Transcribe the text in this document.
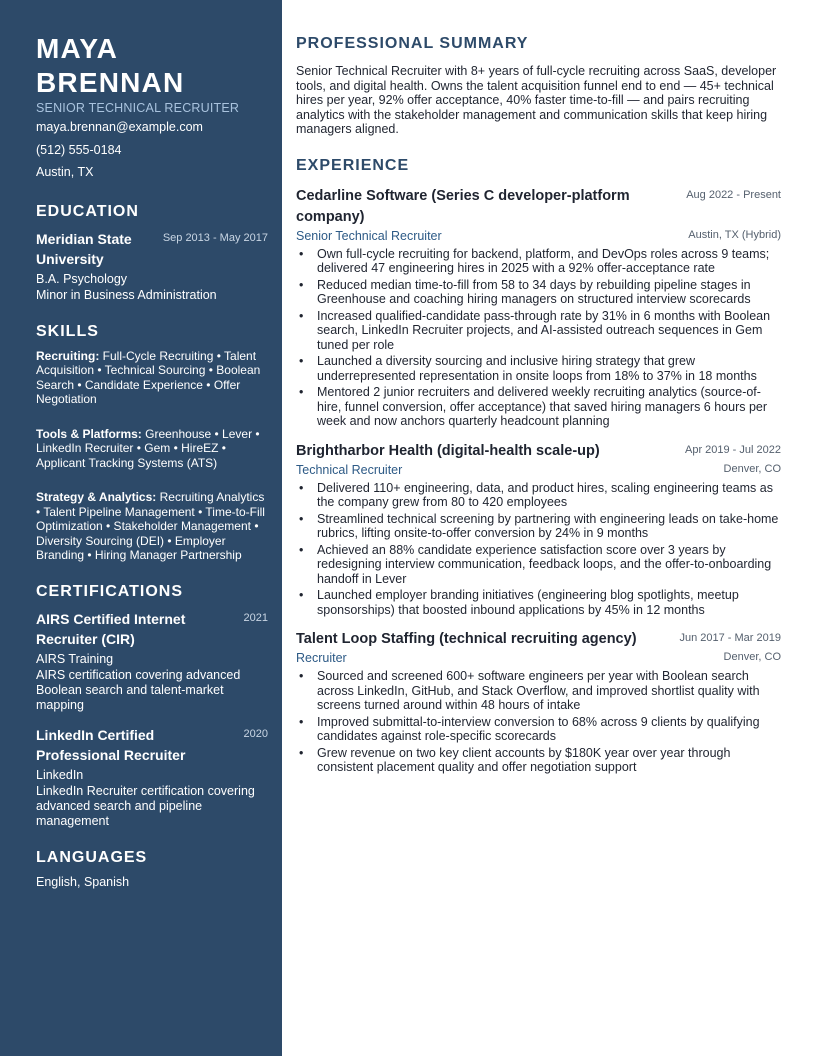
MAYA BRENNAN
SENIOR TECHNICAL RECRUITER
maya.brennan@example.com
(512) 555-0184
Austin, TX
EDUCATION
Meridian State University
Sep 2013 - May 2017
B.A. Psychology
Minor in Business Administration
SKILLS
Recruiting: Full-Cycle Recruiting • Talent Acquisition • Technical Sourcing • Boolean Search • Candidate Experience • Offer Negotiation
Tools & Platforms: Greenhouse • Lever • LinkedIn Recruiter • Gem • HireEZ • Applicant Tracking Systems (ATS)
Strategy & Analytics: Recruiting Analytics • Talent Pipeline Management • Time-to-Fill Optimization • Stakeholder Management • Diversity Sourcing (DEI) • Employer Branding • Hiring Manager Partnership
CERTIFICATIONS
AIRS Certified Internet Recruiter (CIR)
2021
AIRS Training
AIRS certification covering advanced Boolean search and talent-market mapping
LinkedIn Certified Professional Recruiter
2020
LinkedIn
LinkedIn Recruiter certification covering advanced search and pipeline management
LANGUAGES
English, Spanish
PROFESSIONAL SUMMARY

Senior Technical Recruiter with 8+ years of full-cycle recruiting across SaaS, developer tools, and digital health. Owns the talent acquisition funnel end to end — 45+ technical hires per year, 92% offer acceptance, 40% faster time-to-fill — and pairs recruiting analytics with the stakeholder management and communication skills that keep hiring managers aligned.

EXPERIENCE
Cedarline Software (Series C developer-platform company)
Aug 2022 - Present
Senior Technical Recruiter	Austin, TX (Hybrid)
• Own full-cycle recruiting for backend, platform, and DevOps roles across 9 teams; delivered 47 engineering hires in 2025 with a 92% offer-acceptance rate
• Reduced median time-to-fill from 58 to 34 days by rebuilding pipeline stages in Greenhouse and coaching hiring managers on structured interview scorecards
• Increased qualified-candidate pass-through rate by 31% in 6 months with Boolean search, LinkedIn Recruiter projects, and AI-assisted outreach sequences in Gem tuned per role
• Launched a diversity sourcing and inclusive hiring strategy that grew underrepresented representation in onsite loops from 18% to 37% in 18 months
• Mentored 2 junior recruiters and delivered weekly recruiting analytics (source-of-hire, funnel conversion, offer acceptance) that saved hiring managers 6 hours per week and now anchors quarterly headcount planning
Brightharbor Health (digital-health scale-up)	Apr 2019 - Jul 2022
Technical Recruiter	Denver, CO
• Delivered 110+ engineering, data, and product hires, scaling engineering teams as the company grew from 80 to 420 employees
• Streamlined technical screening by partnering with engineering leads on take-home rubrics, lifting onsite-to-offer conversion by 24% in 9 months
• Achieved an 88% candidate experience satisfaction score over 3 years by redesigning interview communication, feedback loops, and the offer-to-onboarding handoff in Lever
• Launched employer branding initiatives (engineering blog spotlights, meetup sponsorships) that boosted inbound applications by 45% in 12 months
Talent Loop Staffing (technical recruiting agency)	Jun 2017 - Mar 2019
Recruiter	Denver, CO
• Sourced and screened 600+ software engineers per year with Boolean search across LinkedIn, GitHub, and Stack Overflow, and improved shortlist quality with screens turned around within 48 hours of intake
• Improved submittal-to-interview conversion to 68% across 9 clients by qualifying candidates against role-specific scorecards
• Grew revenue on two key client accounts by $180K year over year through consistent placement quality and offer negotiation support
